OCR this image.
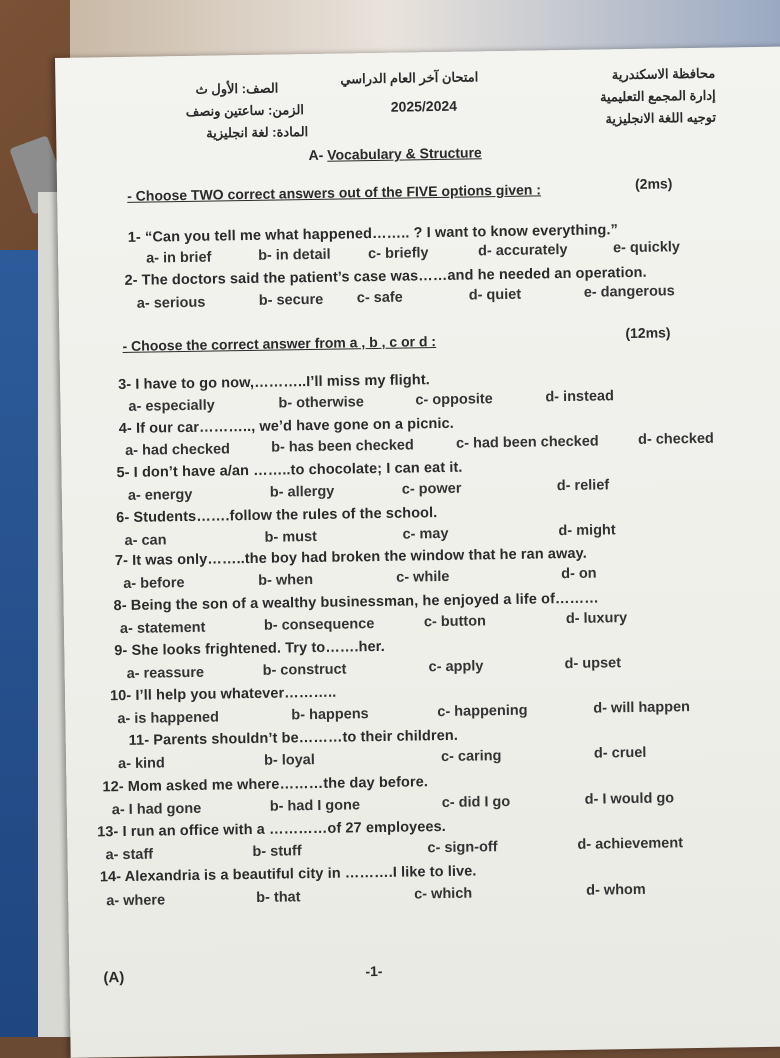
محافظة الاسكندرية
إدارة المجمع التعليمية
توجيه اللغة الانجليزية
امتحان آخر العام الدراسي
2025/2024
الصف: الأول ث
الزمن: ساعتين ونصف
المادة: لغة انجليزية
A- Vocabulary & Structure
- Choose TWO correct answers out of the FIVE options given :	(2ms)
1- “Can you tell me what happened…….. ? I want to know everything.”
a- in brief	b- in detail	c- briefly	d- accurately	e- quickly
2- The doctors said the patient’s case was……and he needed an operation.
a- serious	b- secure c- safe	d- quiet	e- dangerous
- Choose the correct answer from a , b , c or d :
(12ms)
3- I have to go now,………..I’ll miss my flight.
a- especially	b- otherwise	c- opposite	d- instead
4- If our car……….., we’d have gone on a picnic.
a- had checked	b- has been checked	c- had been checked	d- checked
5- I don’t have a/an ……..to chocolate; I can eat it.
a- energy	b- allergy	c- power	d- relief
6- Students…….follow the rules of the school.
a- can	b- must	c- may	d- might
7- It was only……..the boy had broken the window that he ran away.
a- before	b- when	c- while	d- on
8- Being the son of a wealthy businessman, he enjoyed a life of………
a- statement	b- consequence	c- button	d- luxury
9- She looks frightened. Try to…….her.
a- reassure	b- construct	c- apply	d- upset
10- I’ll help you whatever………..
a- is happened	b- happens	c- happening	d- will happen
11- Parents shouldn’t be………to their children.
a- kind	b- loyal	c- caring	d- cruel
12- Mom asked me where………the day before.
a- I had gone	b- had I gone	c- did I go	d- I would go
13- I run an office with a …………of 27 employees.
a- staff	b- stuff	c- sign-off	d- achievement
14- Alexandria is a beautiful city in ……….I like to live.
a- where	b- that	c- which	d- whom
(A)	-1-
